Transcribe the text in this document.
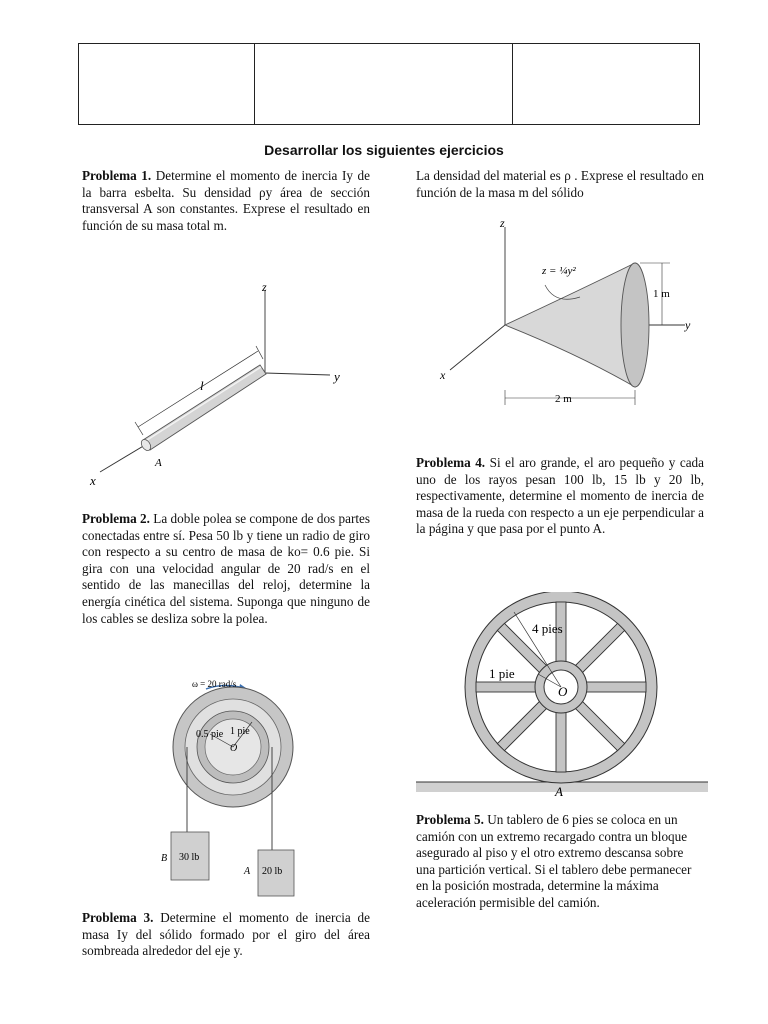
Desarrollar los siguientes ejercicios
Problema 1. Determine el momento de inercia Iy de la barra esbelta. Su densidad ρy área de sección transversal A son constantes. Exprese el resultado en función de su masa total m.
z
y
x
l
A
Problema 2. La doble polea se compone de dos partes conectadas entre sí. Pesa 50 lb y tiene un radio de giro con respecto a su centro de masa de ko= 0.6 pie. Si gira con una velocidad angular de 20 rad/s en el sentido de las manecillas del reloj, determine la energía cinética del sistema. Suponga que ninguno de los cables se desliza sobre la polea.
ω = 20 rad/s
0.5 pie 1 pie
O
B 30 lb
A 20 lb
Problema 3. Determine el momento de inercia de masa Iy del sólido formado por el giro del área sombreada alrededor del eje y.
La densidad del material es ρ . Exprese el resultado en función de la masa m del sólido
z
y
x
z = ¼y²
1 m
2 m
Problema 4. Si el aro grande, el aro pequeño y cada uno de los rayos pesan 100 lb, 15 lb y 20 lb, respectivamente, determine el momento de inercia de masa de la rueda con respecto a un eje perpendicular a la página y que pasa por el punto A.
4 pies
1 pie
O
A
Problema 5. Un tablero de 6 pies se coloca en un camión con un extremo recargado contra un bloque asegurado al piso y el otro extremo descansa sobre una partición vertical. Si el tablero debe permanecer en la posición mostrada, determine la máxima aceleración permisible del camión.
